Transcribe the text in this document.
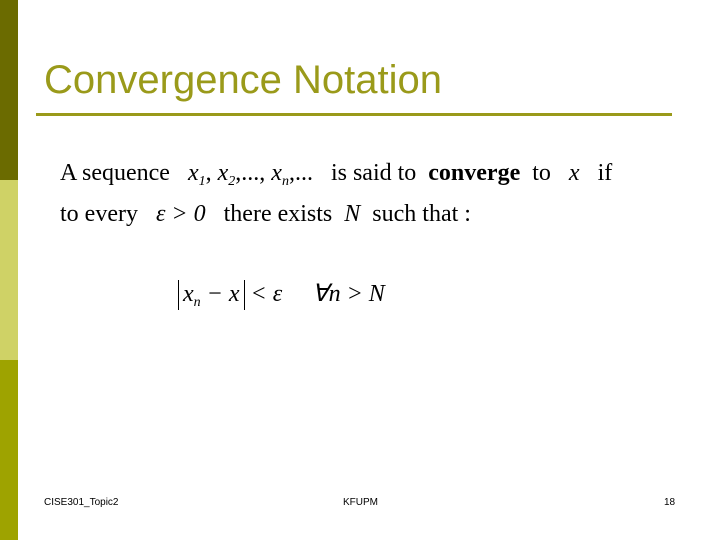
Convergence Notation
A sequence $x_1$, $x_2$,..., $x_n$,... is said to converge to x if
to every ε > 0 there exists N such that :
$x_n - x < \varepsilon$ ∀n > N
CISE301_Topic2	KFUPM	18
